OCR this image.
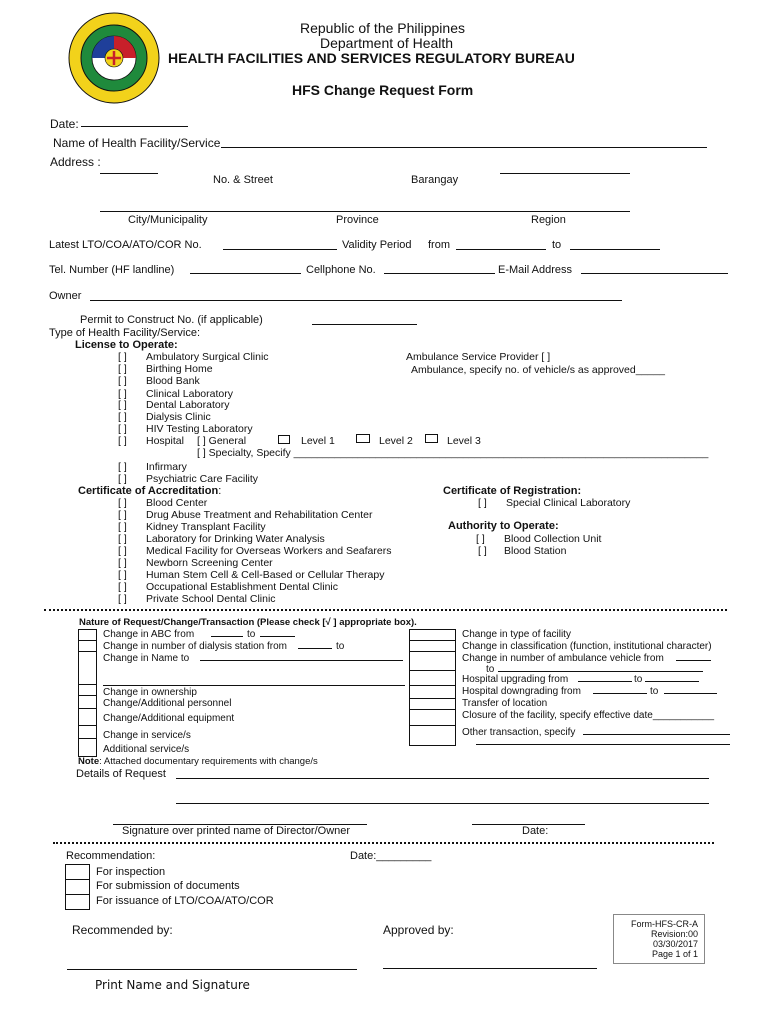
Republic of the Philippines
Department of Health
HEALTH FACILITIES AND SERVICES REGULATORY BUREAU
HFS Change Request Form
Date:
Name of Health Facility/Service
Address :
No. & Street	Barangay
City/Municipality	Province	Region
Latest LTO/COA/ATO/COR No.	Validity Period from	to
Tel. Number (HF landline)	Cellphone No.	E-Mail Address
Owner
Permit to Construct No. (if applicable)
Type of Health Facility/Service:
License to Operate:
[ ] Ambulatory Surgical Clinic
[ ] Birthing Home
[ ] Blood Bank
[ ] Clinical Laboratory
[ ] Dental Laboratory
[ ] Dialysis Clinic
[ ] HIV Testing Laboratory
[ ] Hospital [ ] General	Level 1	Level 2	Level 3
[ ] Specialty, Specify _______________________________________________________________________
[ ] Infirmary
[ ] Psychiatric Care Facility
Ambulance Service Provider [ ]
Ambulance, specify no. of vehicle/s as approved_____
Certificate of Accreditation:
[ ] Blood Center
[ ] Drug Abuse Treatment and Rehabilitation Center
[ ] Kidney Transplant Facility
[ ] Laboratory for Drinking Water Analysis
[ ] Medical Facility for Overseas Workers and Seafarers
[ ] Newborn Screening Center
[ ] Human Stem Cell & Cell-Based or Cellular Therapy
[ ] Occupational Establishment Dental Clinic
[ ] Private School Dental Clinic
Certificate of Registration:
[ ] Special Clinical Laboratory
Authority to Operate:
[ ] Blood Collection Unit
[ ] Blood Station
Nature of Request/Change/Transaction (Please check [√ ] appropriate box).
Change in ABC from	to
Change in number of dialysis station from	to
Change in Name to
Change in ownership
Change/Additional personnel
Change/Additional equipment
Change in service/s
Additional service/s
Change in type of facility
Change in classification (function, institutional character)
Change in number of ambulance vehicle from
to
Hospital upgrading from	to
Hospital downgrading from	to
Transfer of location
Closure of the facility, specify effective date___________
Other transaction, specify
Note: Attached documentary requirements with change/s
Details of Request
Signature over printed name of Director/Owner	Date:
Recommendation:	Date:_________
For inspection
For submission of documents
For issuance of LTO/COA/ATO/COR
Recommended by:	Approved by:
Print Name and Signature
Form-HFS-CR-A
Revision:00
03/30/2017
Page 1 of 1
